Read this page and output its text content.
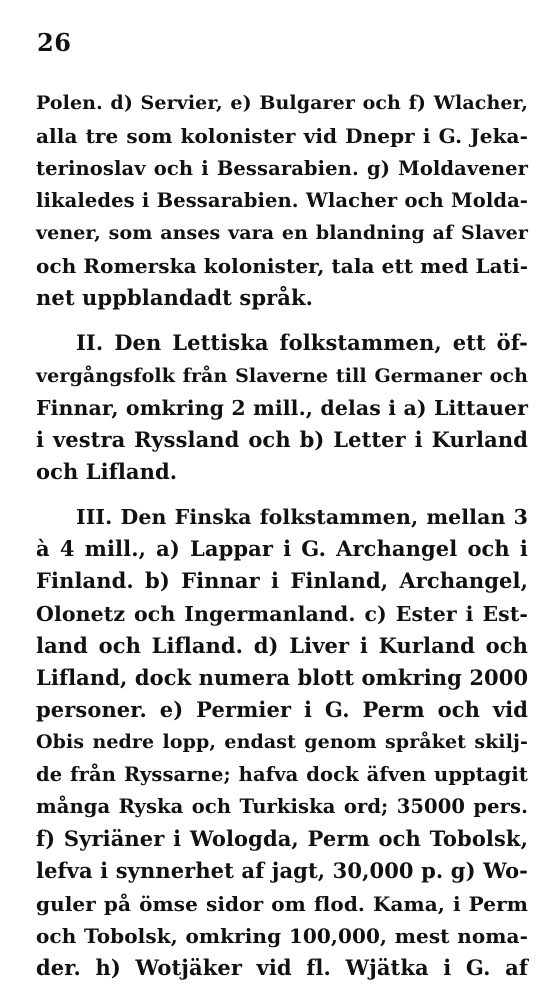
26
Polen. d) Servier, e) Bulgarer och f) Wlacher,
alla tre som kolonister vid Dnepr i G. Jeka-
terinoslav och i Bessarabien. g) Moldavener
likaledes i Bessarabien. Wlacher och Molda-
vener, som anses vara en blandning af Slaver
och Romerska kolonister, tala ett med Lati-
net uppblandadt språk.
II. Den Lettiska folkstammen, ett öf-
vergångsfolk från Slaverne till Germaner och
Finnar, omkring 2 mill., delas i a) Littauer
i vestra Ryssland och b) Letter i Kurland
och Lifland.
III. Den Finska folkstammen, mellan 3
à 4 mill., a) Lappar i G. Archangel och i
Finland. b) Finnar i Finland, Archangel,
Olonetz och Ingermanland. c) Ester i Est-
land och Lifland. d) Liver i Kurland och
Lifland, dock numera blott omkring 2000
personer. e) Permier i G. Perm och vid
Obis nedre lopp, endast genom språket skilj-
de från Ryssarne; hafva dock äfven upptagit
många Ryska och Turkiska ord; 35000 pers.
f) Syriäner i Wologda, Perm och Tobolsk,
lefva i synnerhet af jagt, 30,000 p. g) Wo-
guler på ömse sidor om flod. Kama, i Perm
och Tobolsk, omkring 100,000, mest noma-
der. h) Wotjäker vid fl. Wjätka i G. af
